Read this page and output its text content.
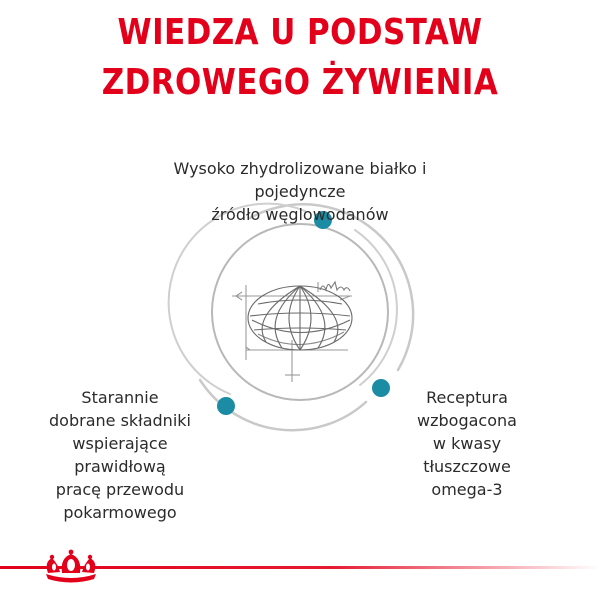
WIEDZA U PODSTAW
ZDROWEGO ŻYWIENIA

Wysoko zhydrolizowane białko i pojedyncze
źródło węglowodanów

Starannie
dobrane składniki
wspierające
prawidłową
pracę przewodu
pokarmowego

Receptura
wzbogacona
w kwasy
tłuszczowe
omega-3
